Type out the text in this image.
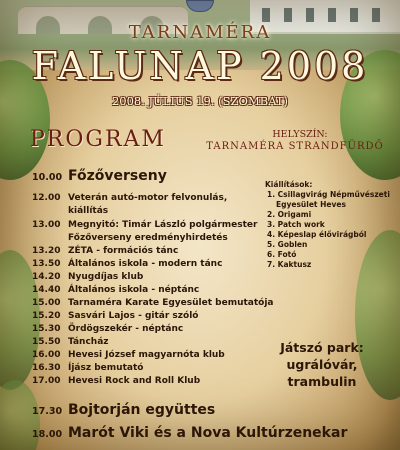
TARNAMÉRA
FALUNAP 2008
2008. JÚLIUS 19. (SZOMBAT)
PROGRAM	HELYSZÍN:
TARNAMÉRA STRANDFÜRDŐ
10.00 Főzőverseny
12.00 Veterán autó-motor felvonulás,
kiállítás
13.00 Megnyitó: Timár László polgármester
Főzőverseny eredményhirdetés
13.20 ZÉTA - formációs tánc
13.50 Általános iskola - modern tánc
14.20 Nyugdíjas klub
14.40 Általános iskola - néptánc
15.00 Tarnaméra Karate Egyesület bemutatója
15.20 Sasvári Lajos - gitár szóló
15.30 Ördögszekér - néptánc
15.50 Táncház
16.00 Hevesi József magyarnóta klub
16.30 Íjász bemutató
17.00 Hevesi Rock and Roll Klub
17.30 Bojtorján együttes
18.00 Marót Viki és a Nova Kultúrzenekar
Kiállítások:
1. Csillagvirág Népművészeti
Egyesület Heves
2. Origami
3. Patch work
4. Képeslap élővirágból
5. Goblen
6. Fotó
7. Kaktusz
Játszó park:
ugrálóvár,
trambulin
